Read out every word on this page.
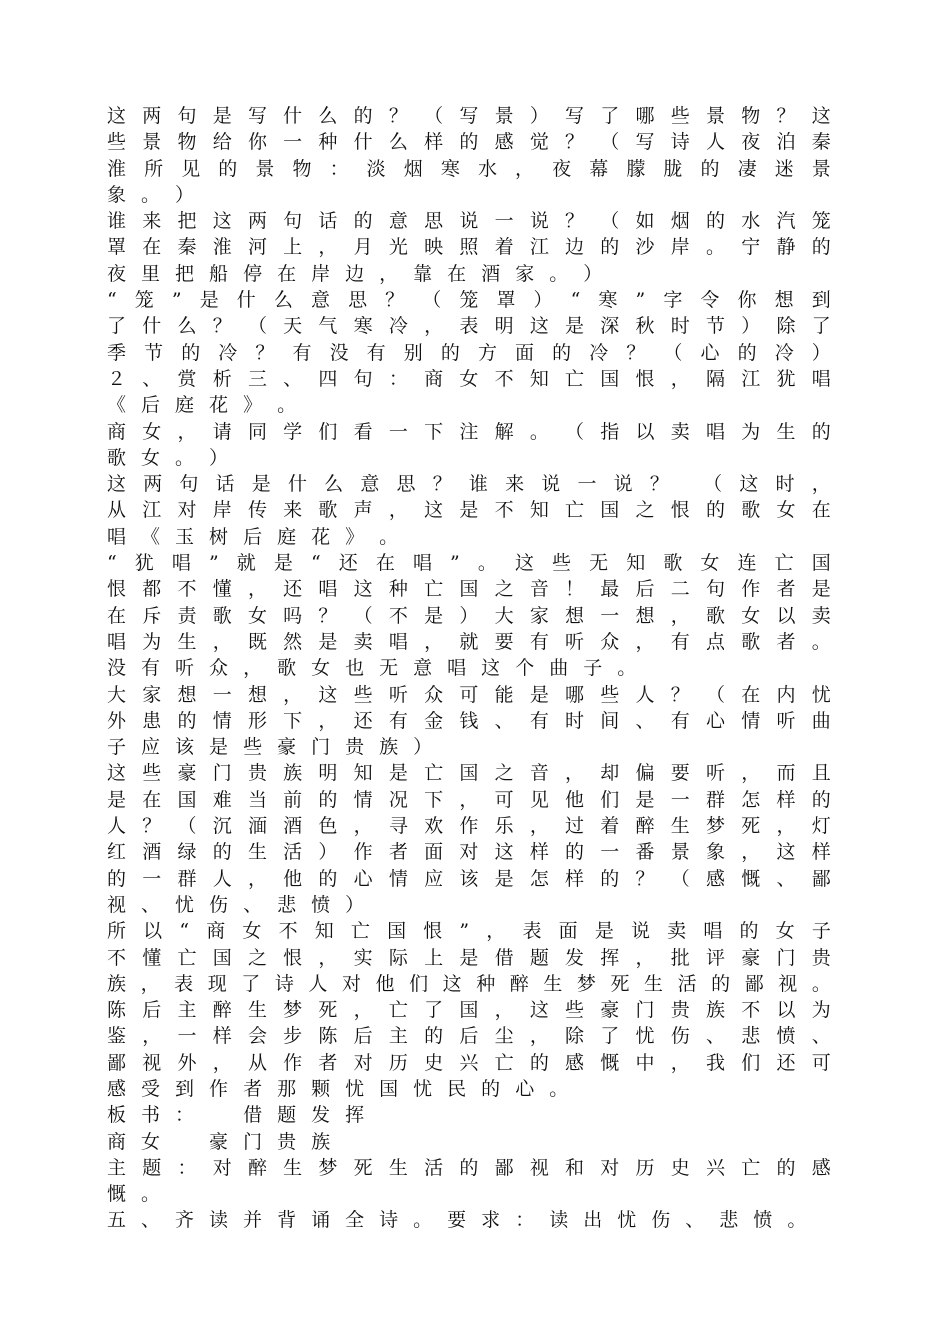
这 两 句 是 写 什 么 的 ？ （ 写 景 ） 写 了 哪 些 景 物 ？ 这
些 景 物 给 你 一 种 什 么 样 的 感 觉 ？ （ 写 诗 人 夜 泊 秦
淮 所 见 的 景 物 ： 淡 烟 寒 水 ， 夜 幕 朦 胧 的 凄 迷 景
象 。 ）
谁 来 把 这 两 句 话 的 意 思 说 一 说 ？ （ 如 烟 的 水 汽 笼
罩 在 秦 淮 河 上 ， 月 光 映 照 着 江 边 的 沙 岸 。 宁 静 的
夜 里 把 船 停 在 岸 边 ， 靠 在 酒 家 。 ）
“ 笼 ” 是 什 么 意 思 ？ （ 笼 罩 ） “ 寒 ” 字 令 你 想 到
了 什 么 ？ （ 天 气 寒 冷 ， 表 明 这 是 深 秋 时 节 ） 除 了
季 节 的 冷 ？ 有 没 有 别 的 方 面 的 冷 ？ （ 心 的 冷 ）
２ 、 赏 析 三 、 四 句 ： 商 女 不 知 亡 国 恨 ， 隔 江 犹 唱
《 后 庭 花 》 。
商 女 ， 请 同 学 们 看 一 下 注 解 。 （ 指 以 卖 唱 为 生 的
歌 女 。 ）
这 两 句 话 是 什 么 意 思 ？ 谁 来 说 一 说 ？ （ 这 时 ，
从 江 对 岸 传 来 歌 声 ， 这 是 不 知 亡 国 之 恨 的 歌 女 在
唱 《 玉 树 后 庭 花 》 。
“ 犹 唱 ” 就 是 “ 还 在 唱 ” 。 这 些 无 知 歌 女 连 亡 国
恨 都 不 懂 ， 还 唱 这 种 亡 国 之 音 ！ 最 后 二 句 作 者 是
在 斥 责 歌 女 吗 ？ （ 不 是 ） 大 家 想 一 想 ， 歌 女 以 卖
唱 为 生 ， 既 然 是 卖 唱 ， 就 要 有 听 众 ， 有 点 歌 者 。
没 有 听 众 ， 歌 女 也 无 意 唱 这 个 曲 子 。
大 家 想 一 想 ， 这 些 听 众 可 能 是 哪 些 人 ？ （ 在 内 忧
外 患 的 情 形 下 ， 还 有 金 钱 、 有 时 间 、 有 心 情 听 曲
子 应 该 是 些 豪 门 贵 族 ）
这 些 豪 门 贵 族 明 知 是 亡 国 之 音 ， 却 偏 要 听 ， 而 且
是 在 国 难 当 前 的 情 况 下 ， 可 见 他 们 是 一 群 怎 样 的
人 ？ （ 沉 湎 酒 色 ， 寻 欢 作 乐 ， 过 着 醉 生 梦 死 ， 灯
红 酒 绿 的 生 活 ） 作 者 面 对 这 样 的 一 番 景 象 ， 这 样
的 一 群 人 ， 他 的 心 情 应 该 是 怎 样 的 ？ （ 感 慨 、 鄙
视 、 忧 伤 、 悲 愤 ）
所 以 “ 商 女 不 知 亡 国 恨 ” ， 表 面 是 说 卖 唱 的 女 子
不 懂 亡 国 之 恨 ， 实 际 上 是 借 题 发 挥 ， 批 评 豪 门 贵
族 ， 表 现 了 诗 人 对 他 们 这 种 醉 生 梦 死 生 活 的 鄙 视 。
陈 后 主 醉 生 梦 死 ， 亡 了 国 ， 这 些 豪 门 贵 族 不 以 为
鉴 ， 一 样 会 步 陈 后 主 的 后 尘 ， 除 了 忧 伤 、 悲 愤 、
鄙 视 外 ， 从 作 者 对 历 史 兴 亡 的 感 慨 中 ， 我 们 还 可
感 受 到 作 者 那 颗 忧 国 忧 民 的 心 。
板 书 ：
　	借 题 发 挥
商 女
　	豪 门 贵 族
主 题 ： 对 醉 生 梦 死 生 活 的 鄙 视 和 对 历 史 兴 亡 的 感
慨 。
五 、 齐 读 并 背 诵 全 诗 。 要 求 ： 读 出 忧 伤 、 悲 愤 。
